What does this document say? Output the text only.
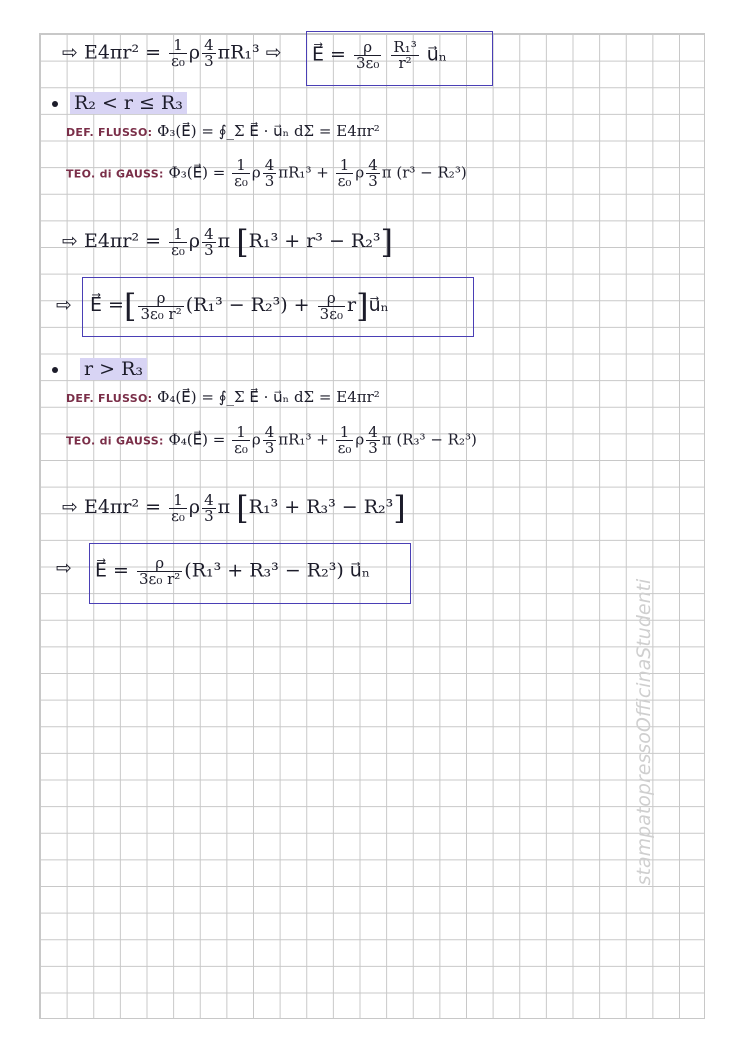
⇨ $E4\pi r^2 = \frac{1}{\text{ε₀}}$ ρ $\frac{4}{3} \pi R_1^3$ ⇨ E⃗ = $\frac{\rho}{\text{3ε₀}}$
$\frac{\text{R₁³}}{\text{r²}}$ u⃗ₙ
R₂ < r ≤ R₃
DEF. FLUSSO: Φ₃(E⃗) = ∮_Σ E⃗ · u⃗ₙ dΣ = E4πr²
TEO. di GAUSS: Φ₃(E⃗) = $\frac{1}{\text{ε₀}}$ ρ $\frac{4}{3} \pi R_1^3 + \frac{1}{\text{ε₀}}$ ρ $\frac{4}{3}$ π (r³ − R₂³)
⇨ $E4\pi r^2 = \frac{1}{\text{ε₀}}$ ρ $\frac{4}{3}$ π [R₁³ + r³ − R₂³]
⇨ E⃗ =[ $\frac{\rho}{\text{3ε₀ r²}} (R_1^3 - R_2^3) + \frac{\rho}{\text{3ε₀}}$ r]u⃗ₙ
r > R₃
DEF. FLUSSO: Φ₄(E⃗) = ∮_Σ E⃗ · u⃗ₙ dΣ = E4πr²
TEO. di GAUSS: Φ₄(E⃗) = $\frac{1}{\text{ε₀}}$ ρ $\frac{4}{3} \pi R_1^3 + \frac{1}{\text{ε₀}}$ ρ $\frac{4}{3}$ π (R₃³ − R₂³)
⇨ $E4\pi r^2 = \frac{1}{\text{ε₀}}$ ρ $\frac{4}{3}$ π [R₁³ + R₃³ − R₂³]
⇨ E⃗ = $\frac{\rho}{\text{3ε₀ r²}} (R_1^3 + R_3^3 - R_2^3)$ u⃗ₙ
stampatopressoOfficinaStudenti
